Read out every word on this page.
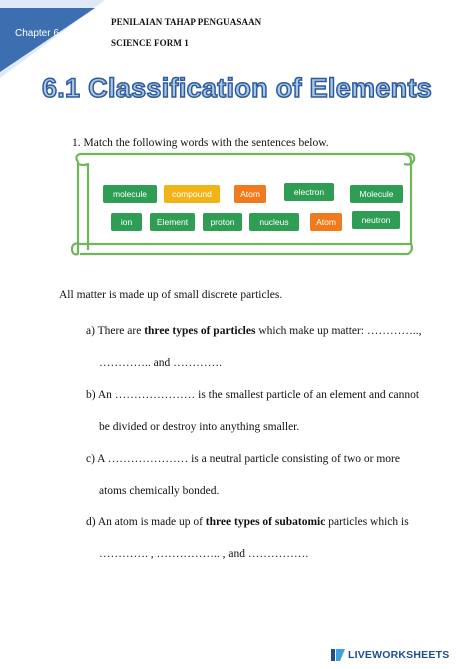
Chapter 6
PENILAIAN TAHAP PENGUASAAN
SCIENCE FORM 1
6.1 Classification of Elements
1. Match the following words with the sentences below.
molecule	compound	Atom	electron	Molecule
ion	Element	proton	nucleus	Atom	neutron
All matter is made up of small discrete particles.
a) There are three types of particles which make up matter: …………..,
………….. and ………….
b) An ………………… is the smallest particle of an element and cannot
be divided or destroy into anything smaller.
c) A ………………… is a neutral particle consisting of two or more
atoms chemically bonded.
d) An atom is made up of three types of subatomic particles which is
…………. , …………….. , and …………….
LIVEWORKSHEETS
